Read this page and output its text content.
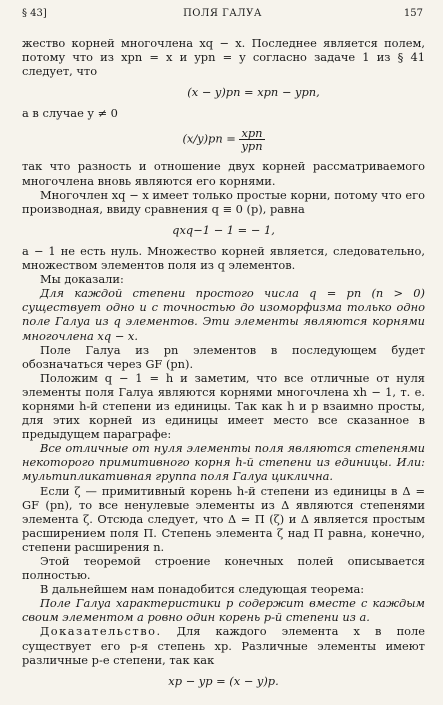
§ 43]	ПОЛЯ ГАЛУА	157

жество корней многочлена xq − x. Последнее является полем, потому что из xpn = x и ypn = y согласно задаче 1 из § 41 следует, что

(x − y)pn = xpn − ypn,

а в случае y ≠ 0

$(x/y)pn = \frac{\text{xpn}}{\text{ypn}}$

так что разность и отношение двух корней рассматриваемого многочлена вновь являются его корнями.

Многочлен xq − x имеет только простые корни, потому что его производная, ввиду сравнения q ≡ 0 (p), равна

qxq−1 − 1 = − 1,

а − 1 не есть нуль. Множество корней является, следовательно, множеством элементов поля из q элементов.

Мы доказали:

Для каждой степени простого числа q = pn (n > 0) существует одно и с точностью до изоморфизма только одно поле Галуа из q элементов. Эти элементы являются корнями многочлена xq − x.

Поле Галуа из pn элементов в последующем будет обозначаться через GF (pn).

Положим q − 1 = h и заметим, что все отличные от нуля элементы поля Галуа являются корнями многочлена xh − 1, т. е. корнями h-й степени из единицы. Так как h и p взаимно просты, для этих корней из единицы имеет место все сказанное в предыдущем параграфе:

Все отличные от нуля элементы поля являются степенями некоторого примитивного корня h-й степени из единицы. Или: мультипликативная группа поля Галуа циклична.

Если ζ — примитивный корень h-й степени из единицы в Δ = GF (pn), то все ненулевые элементы из Δ являются степенями элемента ζ. Отсюда следует, что Δ = Π (ζ) и Δ является простым расширением поля Π. Степень элемента ζ над Π равна, конечно, степени расширения n.

Этой теоремой строение конечных полей описывается полностью.

В дальнейшем нам понадобится следующая теорема:

Поле Галуа характеристики p содержит вместе с каждым своим элементом a ровно один корень p-й степени из a.

Доказательство. Для каждого элемента x в поле существует его p-я степень xp. Различные элементы имеют различные p-е степени, так как

xp − yp = (x − y)p.
